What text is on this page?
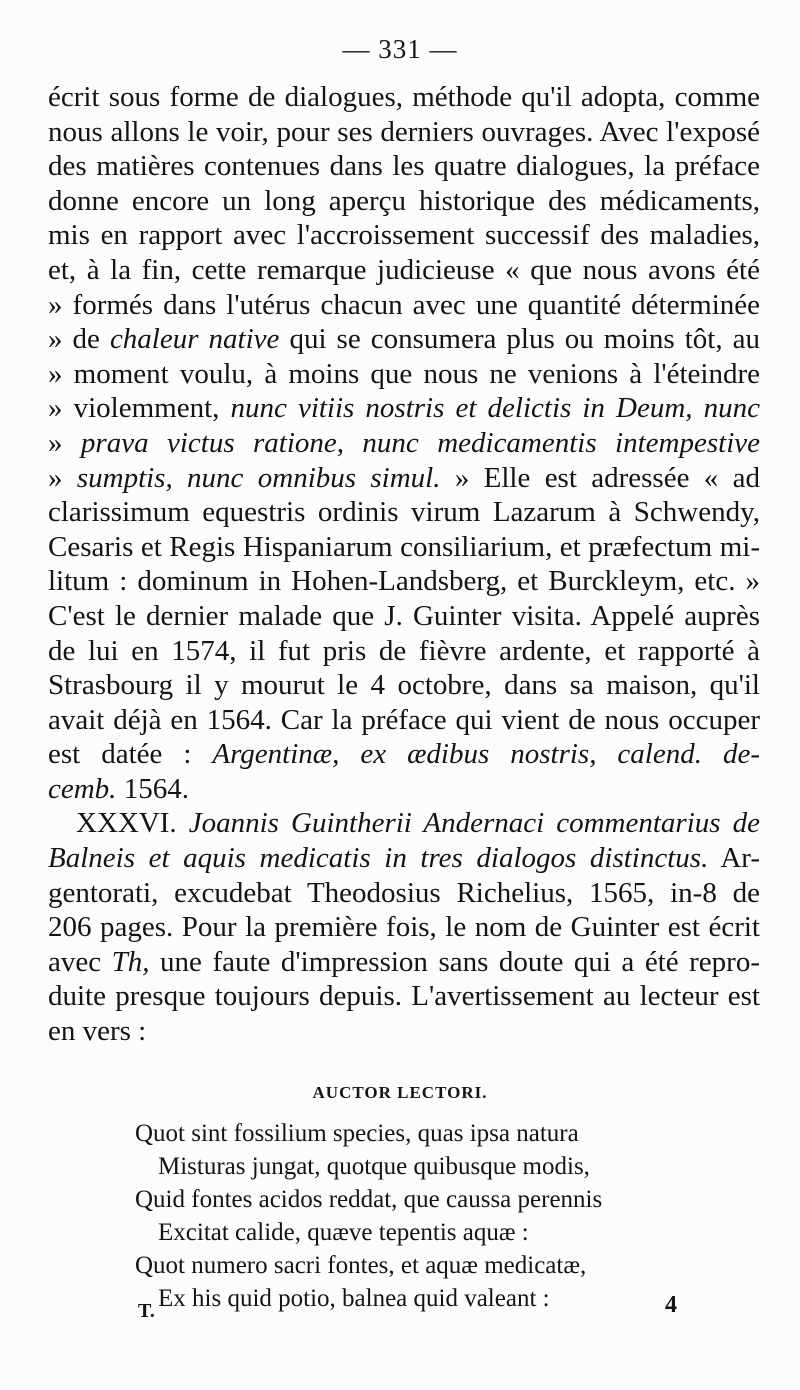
— 331 —
écrit sous forme de dialogues, méthode qu'il adopta, comme
nous allons le voir, pour ses derniers ouvrages. Avec l'exposé
des matières contenues dans les quatre dialogues, la préface
donne encore un long aperçu historique des médicaments,
mis en rapport avec l'accroissement successif des maladies,
et, à la fin, cette remarque judicieuse « que nous avons été
» formés dans l'utérus chacun avec une quantité déterminée
» de chaleur native qui se consumera plus ou moins tôt, au
» moment voulu, à moins que nous ne venions à l'éteindre
» violemment, nunc vitiis nostris et delictis in Deum, nunc
» prava victus ratione, nunc medicamentis intempestive
» sumptis, nunc omnibus simul. » Elle est adressée « ad
clarissimum equestris ordinis virum Lazarum à Schwendy,
Cesaris et Regis Hispaniarum consiliarium, et præfectum mi-
litum : dominum in Hohen-Landsberg, et Burckleym, etc. »
C'est le dernier malade que J. Guinter visita. Appelé auprès
de lui en 1574, il fut pris de fièvre ardente, et rapporté à
Strasbourg il y mourut le 4 octobre, dans sa maison, qu'il
avait déjà en 1564. Car la préface qui vient de nous occuper
est datée : Argentinæ, ex ædibus nostris, calend. de-
cemb. 1564.
XXXVI. Joannis Guintherii Andernaci commentarius de
Balneis et aquis medicatis in tres dialogos distinctus. Ar-
gentorati, excudebat Theodosius Richelius, 1565, in-8 de
206 pages. Pour la première fois, le nom de Guinter est écrit
avec Th, une faute d'impression sans doute qui a été repro-
duite presque toujours depuis. L'avertissement au lecteur est
en vers :
AUCTOR LECTORI.
Quot sint fossilium species, quas ipsa natura
Misturas jungat, quotque quibusque modis,
Quid fontes acidos reddat, que caussa perennis
Excitat calide, quæve tepentis aquæ :
Quot numero sacri fontes, et aquæ medicatæ,
Ex his quid potio, balnea quid valeant :
T.	4
